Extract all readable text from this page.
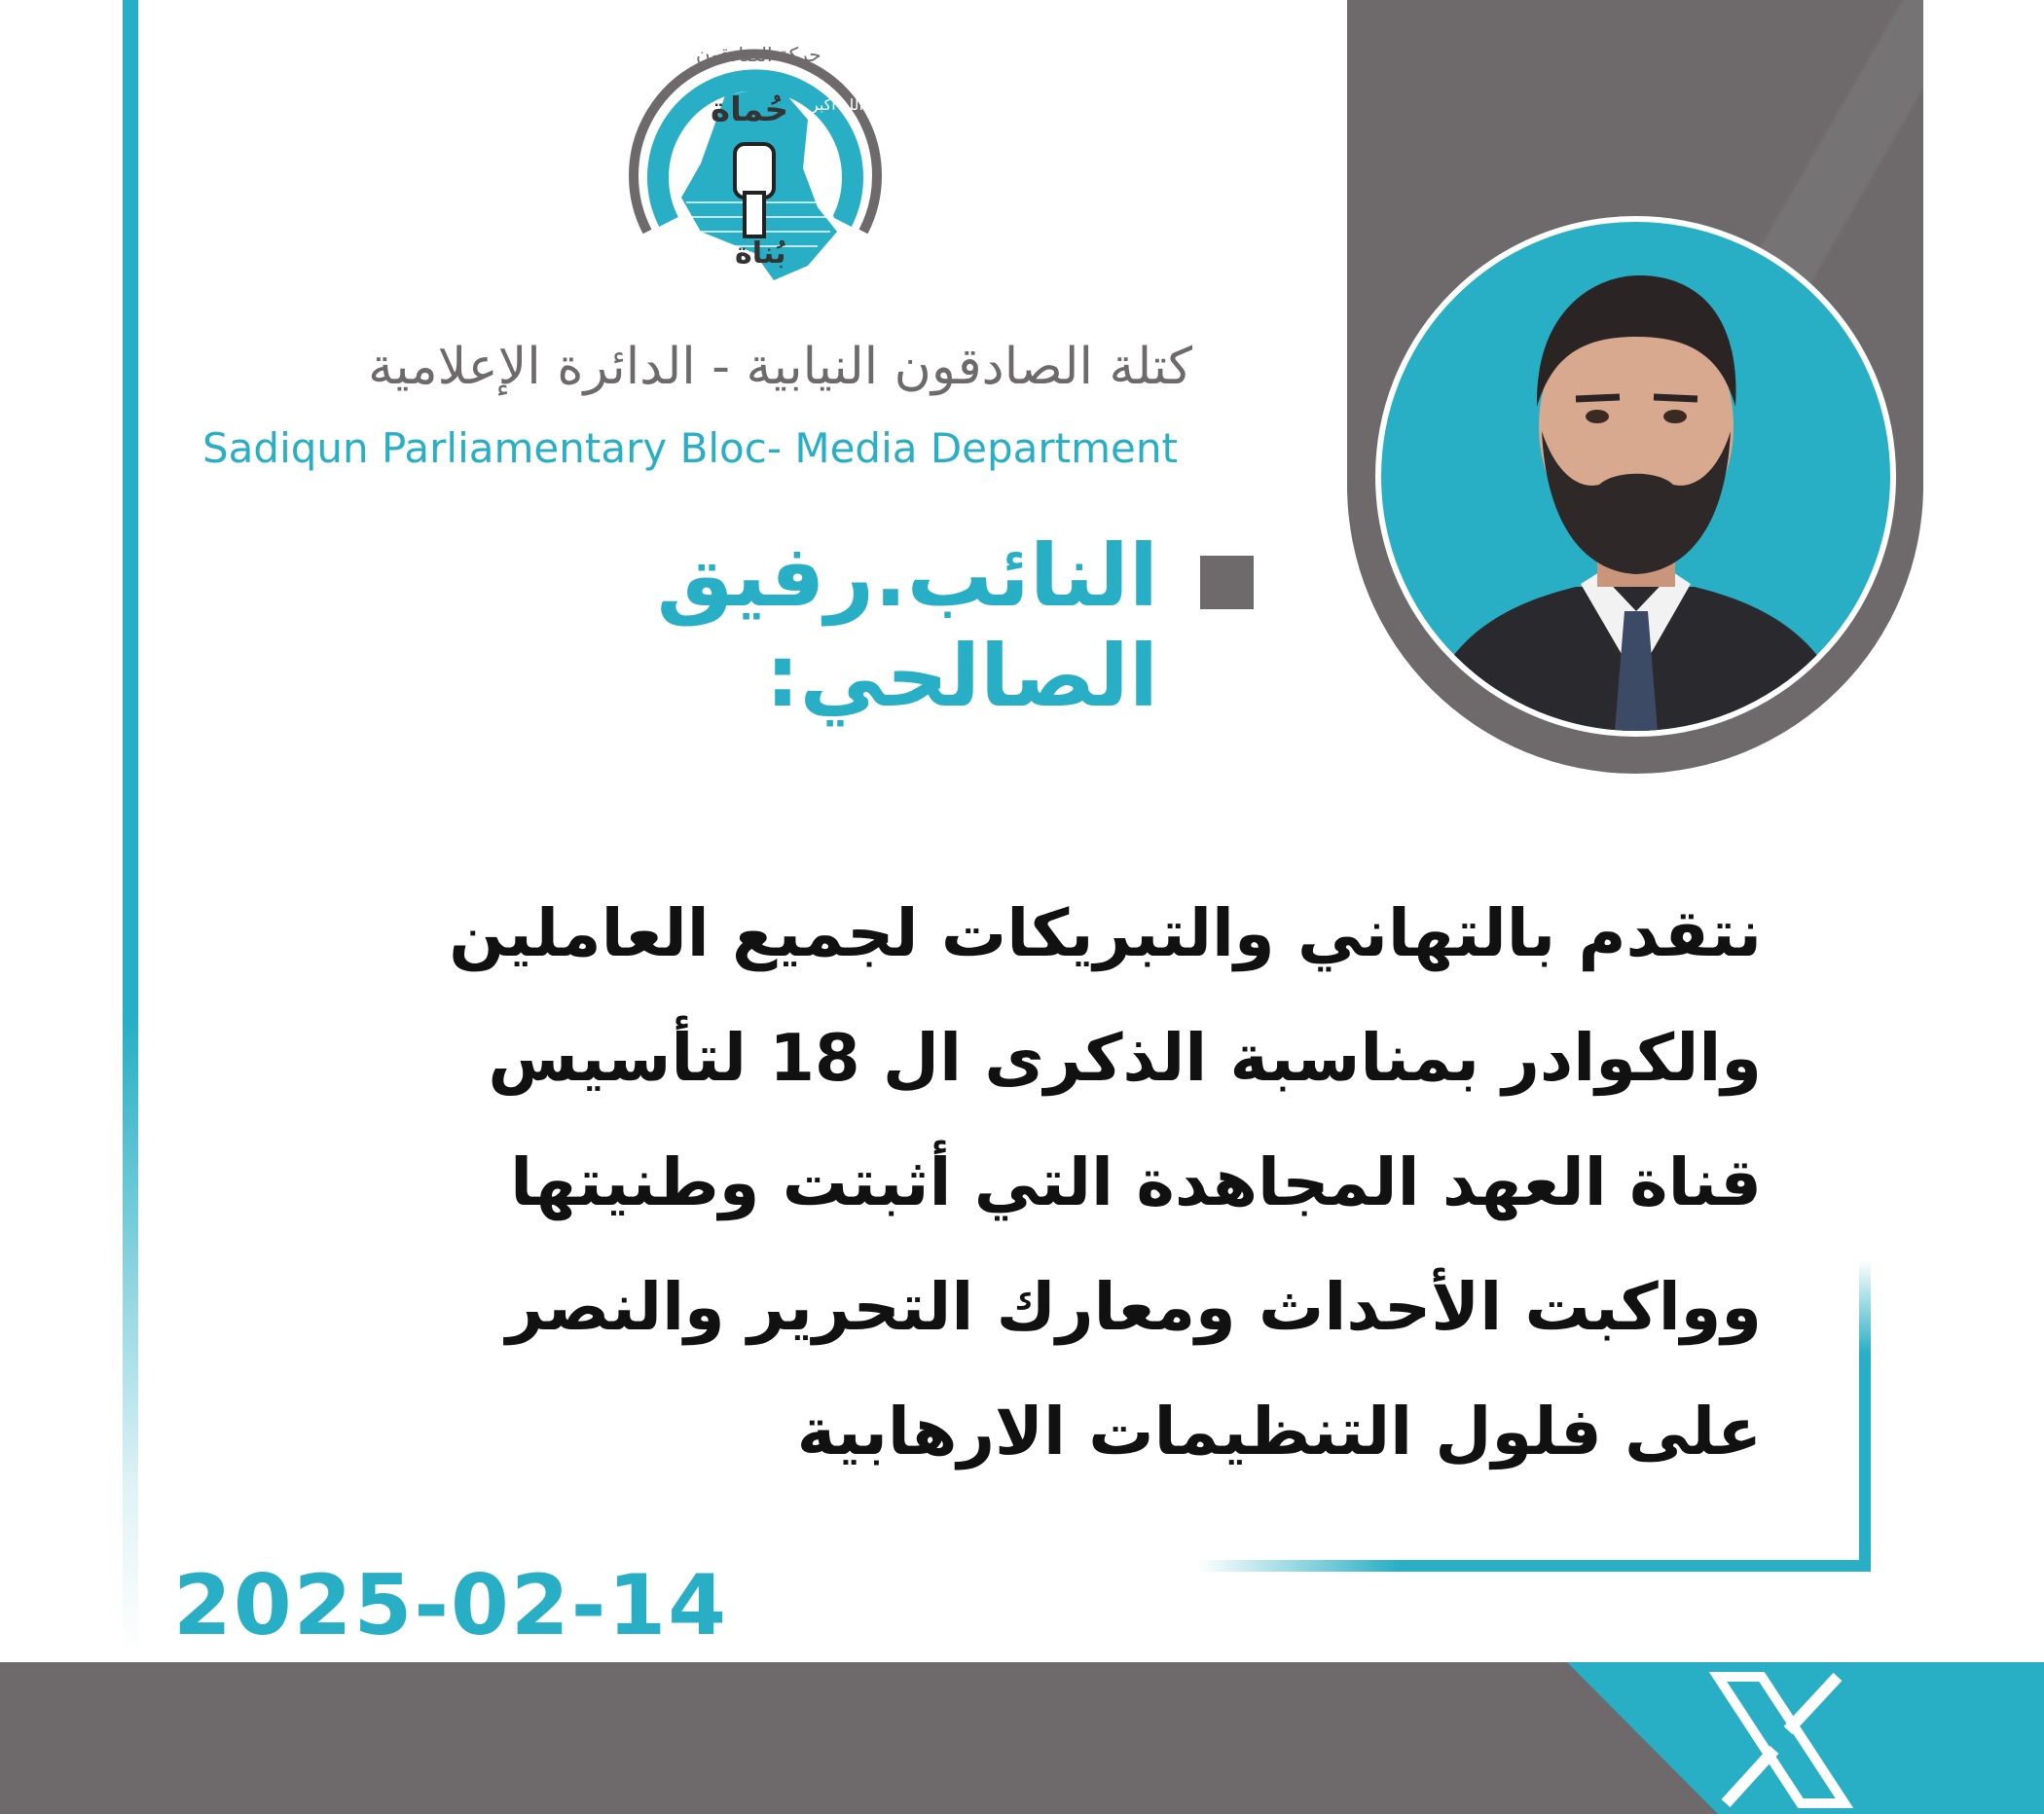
حركة الصادقون
حُماة
بُناة
الله اكبر
كتلة الصادقون النيابية - الدائرة الإعلامية
Sadiqun Parliamentary Bloc- Media Department
النائب.رفيق الصالحي:

نتقدم بالتهاني والتبريكات لجميع العاملين

والكوادر بمناسبة الذكرى ال 18 لتأسيس

قناة العهد المجاهدة التي أثبتت وطنيتها

وواكبت الأحداث ومعارك التحرير والنصر

على فلول التنظيمات الارهابية

2025-02-14
